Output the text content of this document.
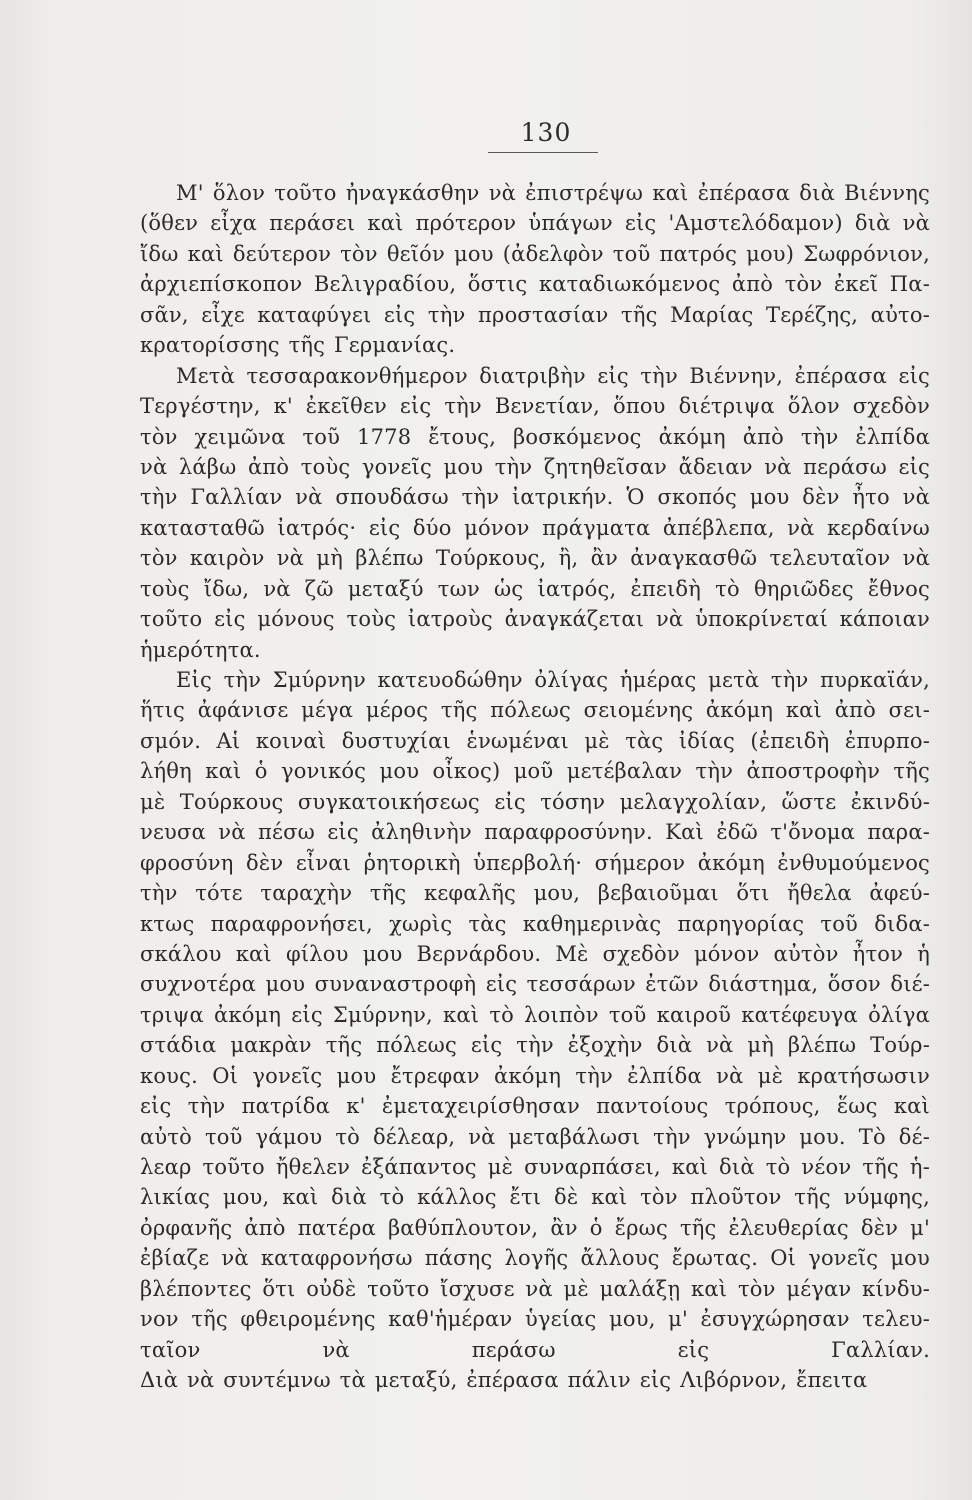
130
Μ' ὅλον τοῦτο ἠναγκάσθην νὰ ἐπιστρέψω καὶ ἐπέρασα διὰ Βιέννης
(ὅθεν εἶχα περάσει καὶ πρότερον ὑπάγων εἰς 'Αμστελόδαμον) διὰ νὰ
ἴδω καὶ δεύτερον τὸν θεῖόν μου (ἀδελφὸν τοῦ πατρός μου) Σωφρόνιον,
ἀρχιεπίσκοπον Βελιγραδίου, ὅστις καταδιωκόμενος ἀπὸ τὸν ἐκεῖ Πα-
σᾶν, εἶχε καταφύγει εἰς τὴν προστασίαν τῆς Μαρίας Τερέζης, αὐτο-
κρατορίσσης τῆς Γερμανίας.
Μετὰ τεσσαρακονθήμερον διατριβὴν εἰς τὴν Βιέννην, ἐπέρασα εἰς
Τεργέστην, κ' ἐκεῖθεν εἰς τὴν Βενετίαν, ὅπου διέτριψα ὅλον σχεδὸν
τὸν χειμῶνα τοῦ 1778 ἔτους, βοσκόμενος ἀκόμη ἀπὸ τὴν ἐλπίδα
νὰ λάβω ἀπὸ τοὺς γονεῖς μου τὴν ζητηθεῖσαν ἄδειαν νὰ περάσω εἰς
τὴν Γαλλίαν νὰ σπουδάσω τὴν ἰατρικήν. Ὁ σκοπός μου δὲν ἦτο νὰ
κατασταθῶ ἰατρός· εἰς δύο μόνον πράγματα ἀπέβλεπα, νὰ κερδαίνω
τὸν καιρὸν νὰ μὴ βλέπω Τούρκους, ἢ, ἂν ἀναγκασθῶ τελευταῖον νὰ
τοὺς ἴδω, νὰ ζῶ μεταξύ των ὡς ἰατρός, ἐπειδὴ τὸ θηριῶδες ἔθνος
τοῦτο εἰς μόνους τοὺς ἰατροὺς ἀναγκάζεται νὰ ὑποκρίνεταί κάποιαν
ἡμερότητα.
Εἰς τὴν Σμύρνην κατευοδώθην ὀλίγας ἡμέρας μετὰ τὴν πυρκαϊάν,
ἥτις ἀφάνισε μέγα μέρος τῆς πόλεως σειομένης ἀκόμη καὶ ἀπὸ σει-
σμόν. Αἱ κοιναὶ δυστυχίαι ἑνωμέναι μὲ τὰς ἰδίας (ἐπειδὴ ἐπυρπο-
λήθη καὶ ὁ γονικός μου οἶκος) μοῦ μετέβαλαν τὴν ἀποστροφὴν τῆς
μὲ Τούρκους συγκατοικήσεως εἰς τόσην μελαγχολίαν, ὥστε ἐκινδύ-
νευσα νὰ πέσω εἰς ἀληθινὴν παραφροσύνην. Καὶ ἐδῶ τ'ὄνομα παρα-
φροσύνη δὲν εἶναι ῥητορικὴ ὑπερβολή· σήμερον ἀκόμη ἐνθυμούμενος
τὴν τότε ταραχὴν τῆς κεφαλῆς μου, βεβαιοῦμαι ὅτι ἤθελα ἀφεύ-
κτως παραφρονήσει, χωρὶς τὰς καθημερινὰς παρηγορίας τοῦ διδα-
σκάλου καὶ φίλου μου Βερνάρδου. Μὲ σχεδὸν μόνον αὐτὸν ἦτον ἡ
συχνοτέρα μου συναναστροφὴ εἰς τεσσάρων ἐτῶν διάστημα, ὅσον διέ-
τριψα ἀκόμη εἰς Σμύρνην, καὶ τὸ λοιπὸν τοῦ καιροῦ κατέφευγα ὀλίγα
στάδια μακρὰν τῆς πόλεως εἰς τὴν ἐξοχὴν διὰ νὰ μὴ βλέπω Τούρ-
κους. Οἱ γονεῖς μου ἔτρεφαν ἀκόμη τὴν ἐλπίδα νὰ μὲ κρατήσωσιν
εἰς τὴν πατρίδα κ' ἐμεταχειρίσθησαν παντοίους τρόπους, ἕως καὶ
αὐτὸ τοῦ γάμου τὸ δέλεαρ, νὰ μεταβάλωσι τὴν γνώμην μου. Τὸ δέ-
λεαρ τοῦτο ἤθελεν ἐξάπαντος μὲ συναρπάσει, καὶ διὰ τὸ νέον τῆς ἡ-
λικίας μου, καὶ διὰ τὸ κάλλος ἔτι δὲ καὶ τὸν πλοῦτον τῆς νύμφης,
ὀρφανῆς ἀπὸ πατέρα βαθύπλουτον, ἂν ὁ ἔρως τῆς ἐλευθερίας δὲν μ'
ἐβίαζε νὰ καταφρονήσω πάσης λογῆς ἄλλους ἔρωτας. Οἱ γονεῖς μου
βλέποντες ὅτι οὐδὲ τοῦτο ἴσχυσε νὰ μὲ μαλάξῃ καὶ τὸν μέγαν κίνδυ-
νον τῆς φθειρομένης καθ'ἡμέραν ὑγείας μου, μ' ἐσυγχώρησαν τελευ-
ταῖον νὰ περάσω εἰς Γαλλίαν.
Διὰ νὰ συντέμνω τὰ μεταξύ, ἐπέρασα πάλιν εἰς Λιβόρνον, ἔπειτα
